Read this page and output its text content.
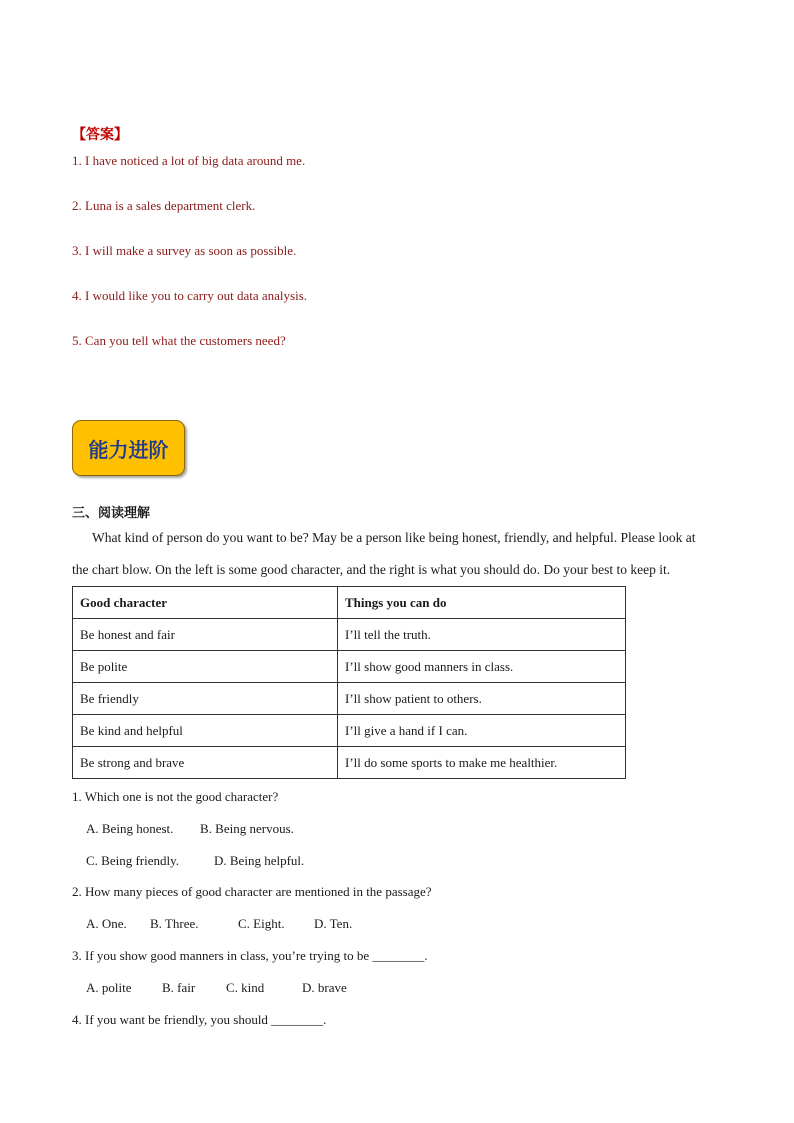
【答案】
1. I have noticed a lot of big data around me.
2. Luna is a sales department clerk.
3. I will make a survey as soon as possible.
4. I would like you to carry out data analysis.
5. Can you tell what the customers need?
能力进阶
三、阅读理解
What kind of person do you want to be? May be a person like being honest, friendly, and helpful. Please look at
the chart blow. On the left is some good character, and the right is what you should do. Do your best to keep it.
Good character	Things you can do
Be honest and fair	I’ll tell the truth.
Be polite	I’ll show good manners in class.
Be friendly	I’ll show patient to others.
Be kind and helpful	I’ll give a hand if I can.
Be strong and brave	I’ll do some sports to make me healthier.
1. Which one is not the good character?
A. Being honest. B. Being nervous.
C. Being friendly.	D. Being helpful.
2. How many pieces of good character are mentioned in the passage?
A. One. B. Three.	C. Eight. D. Ten.
3. If you show good manners in class, you’re trying to be ________.
A. polite B. fair C. kind	D. brave
4. If you want be friendly, you should ________.
